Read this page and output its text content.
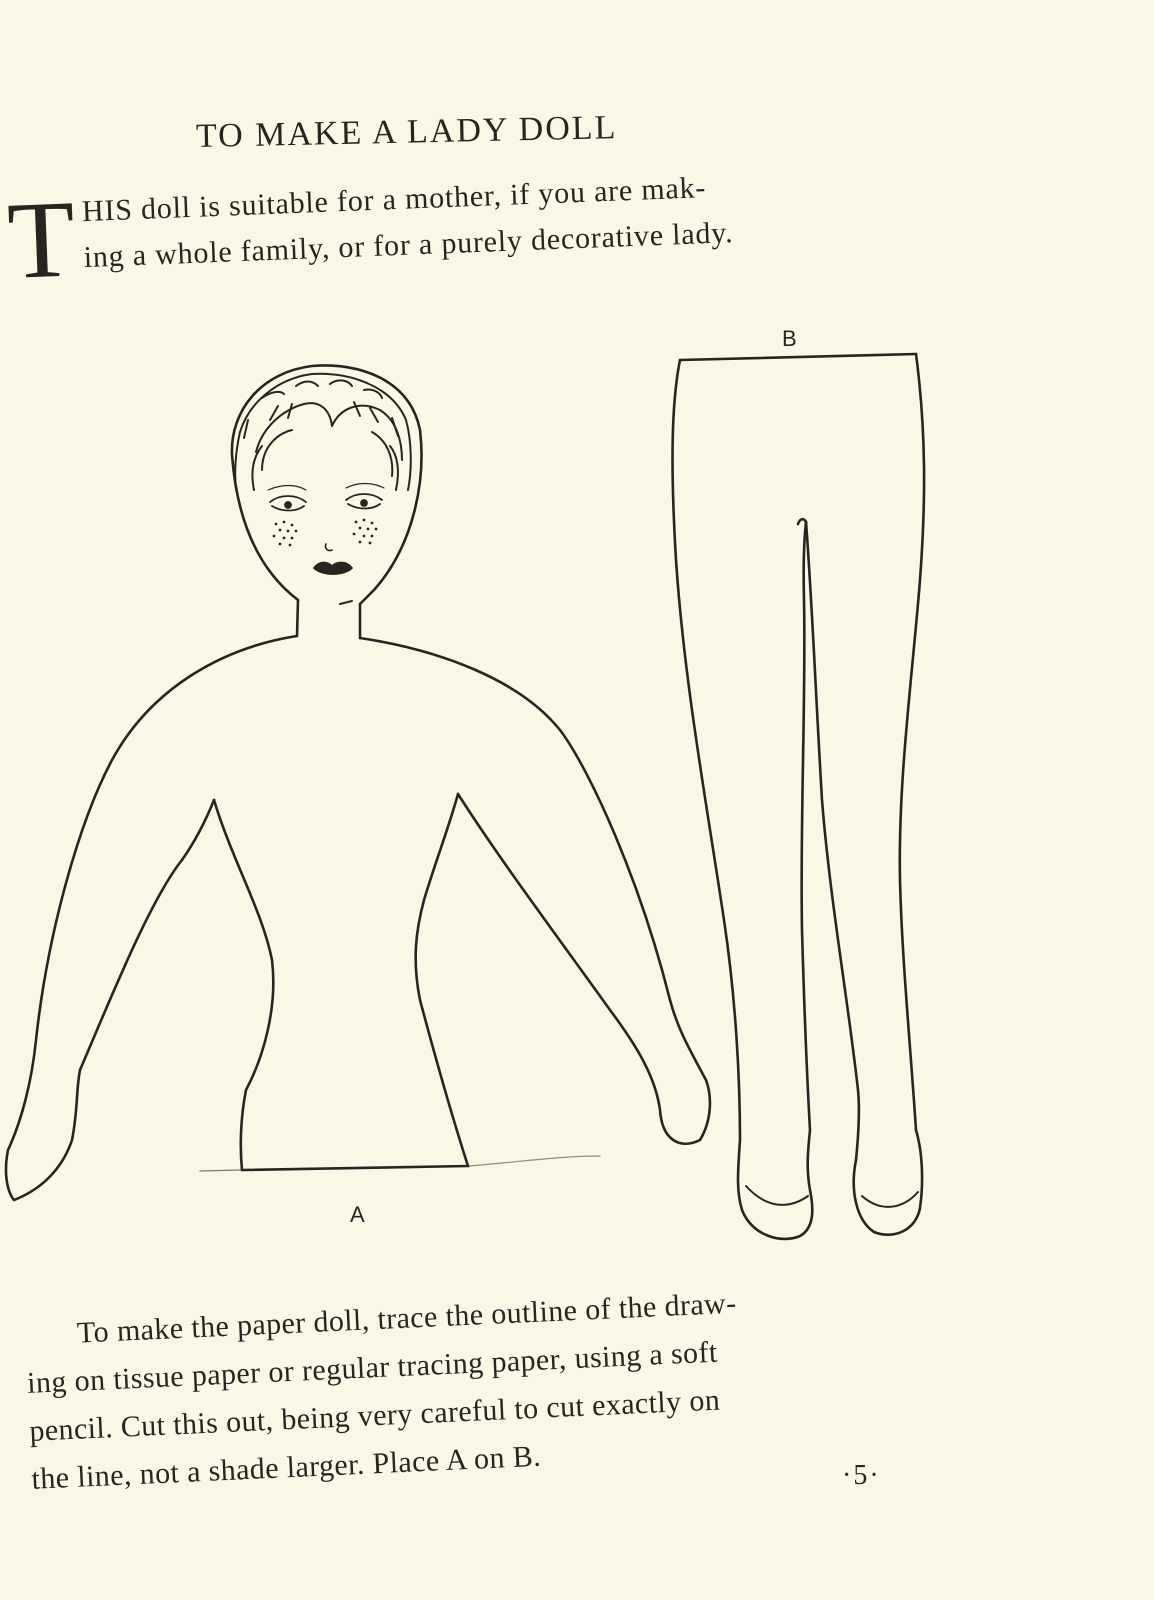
TO MAKE A LADY DOLL
T HIS doll is suitable for a mother, if you are mak-
ing a whole family, or for a purely decorative lady.
B
A
To make the paper doll, trace the outline of the draw-
ing on tissue paper or regular tracing paper, using a soft
pencil. Cut this out, being very careful to cut exactly on
the line, not a shade larger. Place A on B.	·5·
